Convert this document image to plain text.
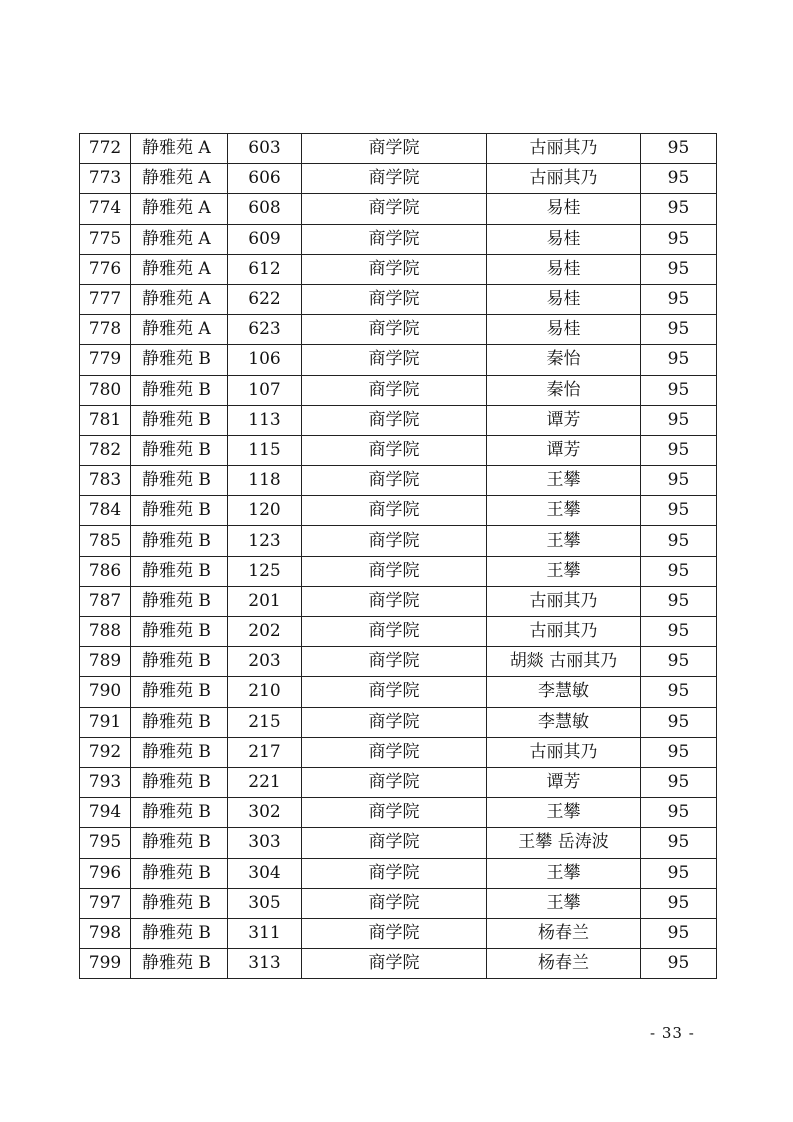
772	静雅苑 A	603	商学院	古丽其乃	95
773	静雅苑 A	606	商学院	古丽其乃	95
774	静雅苑 A	608	商学院	易桂	95
775	静雅苑 A	609	商学院	易桂	95
776	静雅苑 A	612	商学院	易桂	95
777	静雅苑 A	622	商学院	易桂	95
778	静雅苑 A	623	商学院	易桂	95
779	静雅苑 B	106	商学院	秦怡	95
780	静雅苑 B	107	商学院	秦怡	95
781	静雅苑 B	113	商学院	谭芳	95
782	静雅苑 B	115	商学院	谭芳	95
783	静雅苑 B	118	商学院	王攀	95
784	静雅苑 B	120	商学院	王攀	95
785	静雅苑 B	123	商学院	王攀	95
786	静雅苑 B	125	商学院	王攀	95
787	静雅苑 B	201	商学院	古丽其乃	95
788	静雅苑 B	202	商学院	古丽其乃	95
789	静雅苑 B	203	商学院	胡燚 古丽其乃	95
790	静雅苑 B	210	商学院	李慧敏	95
791	静雅苑 B	215	商学院	李慧敏	95
792	静雅苑 B	217	商学院	古丽其乃	95
793	静雅苑 B	221	商学院	谭芳	95
794	静雅苑 B	302	商学院	王攀	95
795	静雅苑 B	303	商学院	王攀 岳涛波	95
796	静雅苑 B	304	商学院	王攀	95
797	静雅苑 B	305	商学院	王攀	95
798	静雅苑 B	311	商学院	杨春兰	95
799	静雅苑 B	313	商学院	杨春兰	95
- 33 -
